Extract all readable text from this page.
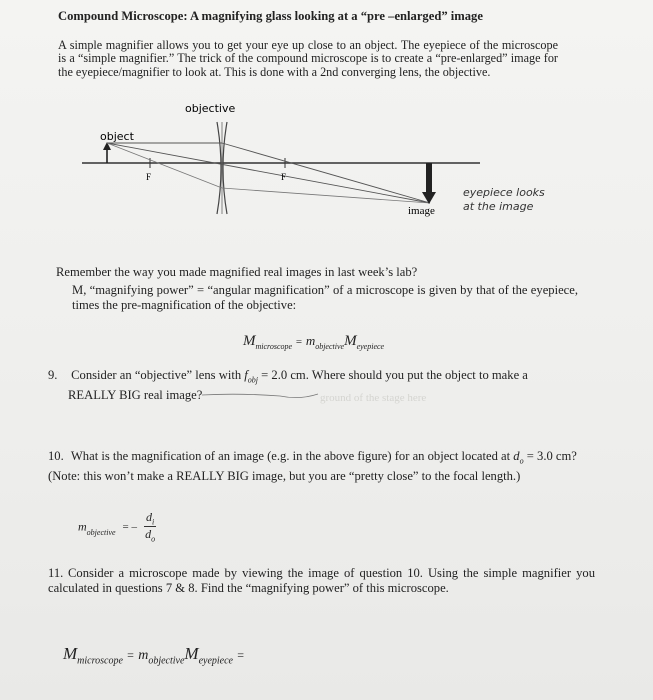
Compound Microscope: A magnifying glass looking at a “pre –enlarged” image
A simple magnifier allows you to get your eye up close to an object. The eyepiece of the microscope is a “simple magnifier.” The trick of the compound microscope is to create a “pre-enlarged” image for the eyepiece/magnifier to look at. This is done with a 2nd converging lens, the objective.
objective
object
F	F
image
eyepiece looks
at the image
Remember the way you made magnified real images in last week’s lab?
M, “magnifying power” = “angular magnification” of a microscope is given by that of the eyepiece, times the pre-magnification of the objective:
$M_{microscope} = m_{objective}M_{eyepiece}$
9. Consider an “objective” lens with $f_{obj} = 2.0$ cm. Where should you put the object to make a
REALLY BIG real image?	ground of the stage here
10. What is the magnification of an image (e.g. in the above figure) for an object located at $d_o = 3.0$ cm? (Note: this won’t make a REALLY BIG image, but you are “pretty close” to the focal length.)
$m_{objective}$ = – $\frac{d_i}{d_o}$
11. Consider a microscope made by viewing the image of question 10. Using the simple magnifier you calculated in questions 7 & 8. Find the “magnifying power” of this microscope.
$M_{microscope} = m_{objective}M_{eyepiece}$ =
